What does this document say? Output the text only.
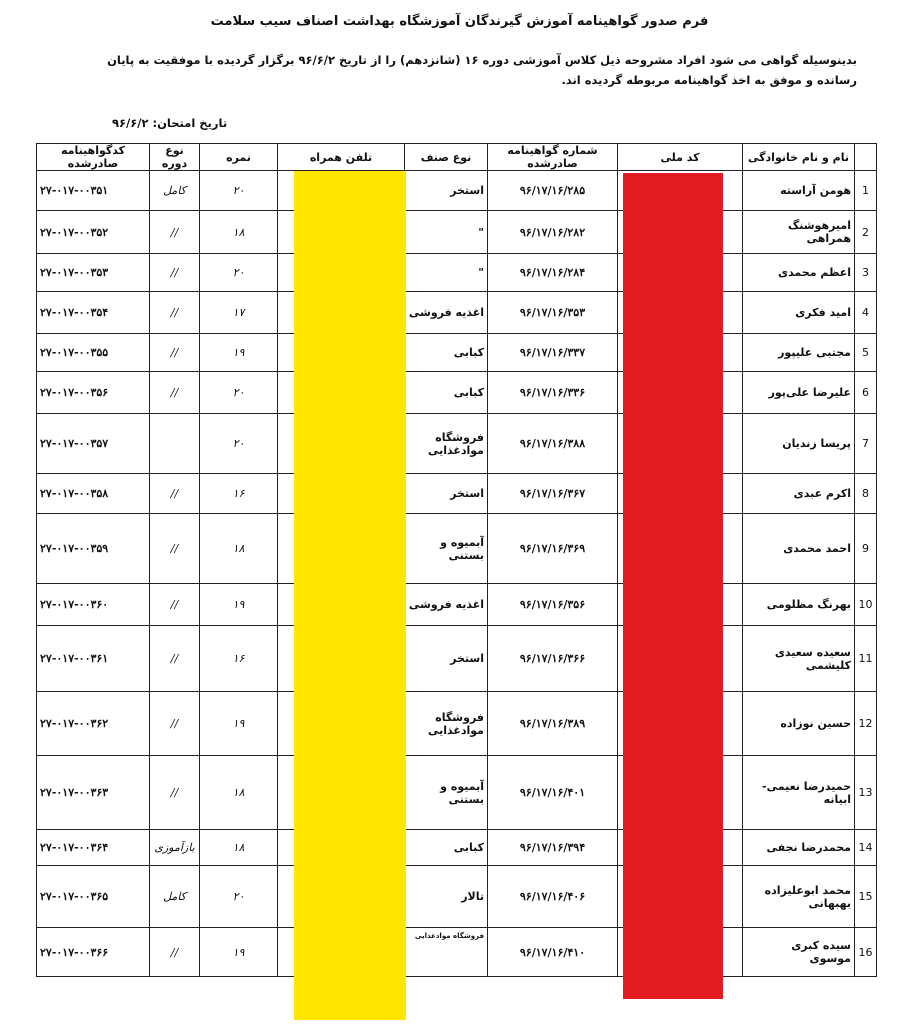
فرم صدور گواهینامه آموزش گیرندگان آموزشگاه بهداشت اصناف سیب سلامت
بدینوسیله گواهی می شود افراد مشروحه ذیل کلاس آموزشی دوره ۱۶ (شانزدهم) را از تاریخ ۹۶/۶/۲ برگزار گردیده با موفقیت به پایان رسانده و موفق به اخذ گواهینامه مربوطه گردیده اند.
تاریخ امتحان: ۹۶/۶/۲
	نام و نام خانوادگی	کد ملی	شماره گواهینامه صادرشده	نوع صنف	تلفن همراه	نمره	نوع دوره	کدگواهینامه صادرشده
1	هومن آراسته		۹۶/۱۷/۱۶/۲۸۵	استخر		۲۰	کامل	۲۷-۰۱۷-۰۰۳۵۱
2	امیرهوشنگ همراهی		۹۶/۱۷/۱۶/۲۸۲	"		۱۸	//	۲۷-۰۱۷-۰۰۳۵۲
3	اعظم محمدی		۹۶/۱۷/۱۶/۲۸۴	"		۲۰	//	۲۷-۰۱۷-۰۰۳۵۳
4	امید فکری		۹۶/۱۷/۱۶/۳۵۳	اغذیه فروشی		۱۷	//	۲۷-۰۱۷-۰۰۳۵۴
5	مجتبی علیپور		۹۶/۱۷/۱۶/۳۳۷	کبابی		۱۹	//	۲۷-۰۱۷-۰۰۳۵۵
6	علیرضا علی‌پور		۹۶/۱۷/۱۶/۳۳۶	کبابی		۲۰	//	۲۷-۰۱۷-۰۰۳۵۶
7	پریسا زندیان		۹۶/۱۷/۱۶/۳۸۸	فروشگاه موادغذایی		۲۰		۲۷-۰۱۷-۰۰۳۵۷
8	اکرم عبدی		۹۶/۱۷/۱۶/۳۶۷	استخر		۱۶	//	۲۷-۰۱۷-۰۰۳۵۸
9	احمد محمدی		۹۶/۱۷/۱۶/۳۶۹	آبمیوه و بستنی		۱۸	//	۲۷-۰۱۷-۰۰۳۵۹
10	بهرنگ مظلومی		۹۶/۱۷/۱۶/۳۵۶	اغذیه فروشی		۱۹	//	۲۷-۰۱۷-۰۰۳۶۰
11	سعیده سعیدی کلیشمی		۹۶/۱۷/۱۶/۳۶۶	استخر		۱۶	//	۲۷-۰۱۷-۰۰۳۶۱
12	حسین نوزاده		۹۶/۱۷/۱۶/۳۸۹	فروشگاه موادغذایی		۱۹	//	۲۷-۰۱۷-۰۰۳۶۲
13	حمیدرضا نعیمی- ابیانه		۹۶/۱۷/۱۶/۴۰۱	آبمیوه و بستنی		۱۸	//	۲۷-۰۱۷-۰۰۳۶۳
14	محمدرضا نجفی		۹۶/۱۷/۱۶/۳۹۴	کبابی		۱۸	بازآموزی	۲۷-۰۱۷-۰۰۳۶۴
15	محمد ابوعلیزاده بهبهانی		۹۶/۱۷/۱۶/۴۰۶	تالار		۲۰	کامل	۲۷-۰۱۷-۰۰۳۶۵
16	سیده کبری موسوی		۹۶/۱۷/۱۶/۴۱۰	فروشگاه موادغذایی		۱۹	//	۲۷-۰۱۷-۰۰۳۶۶
